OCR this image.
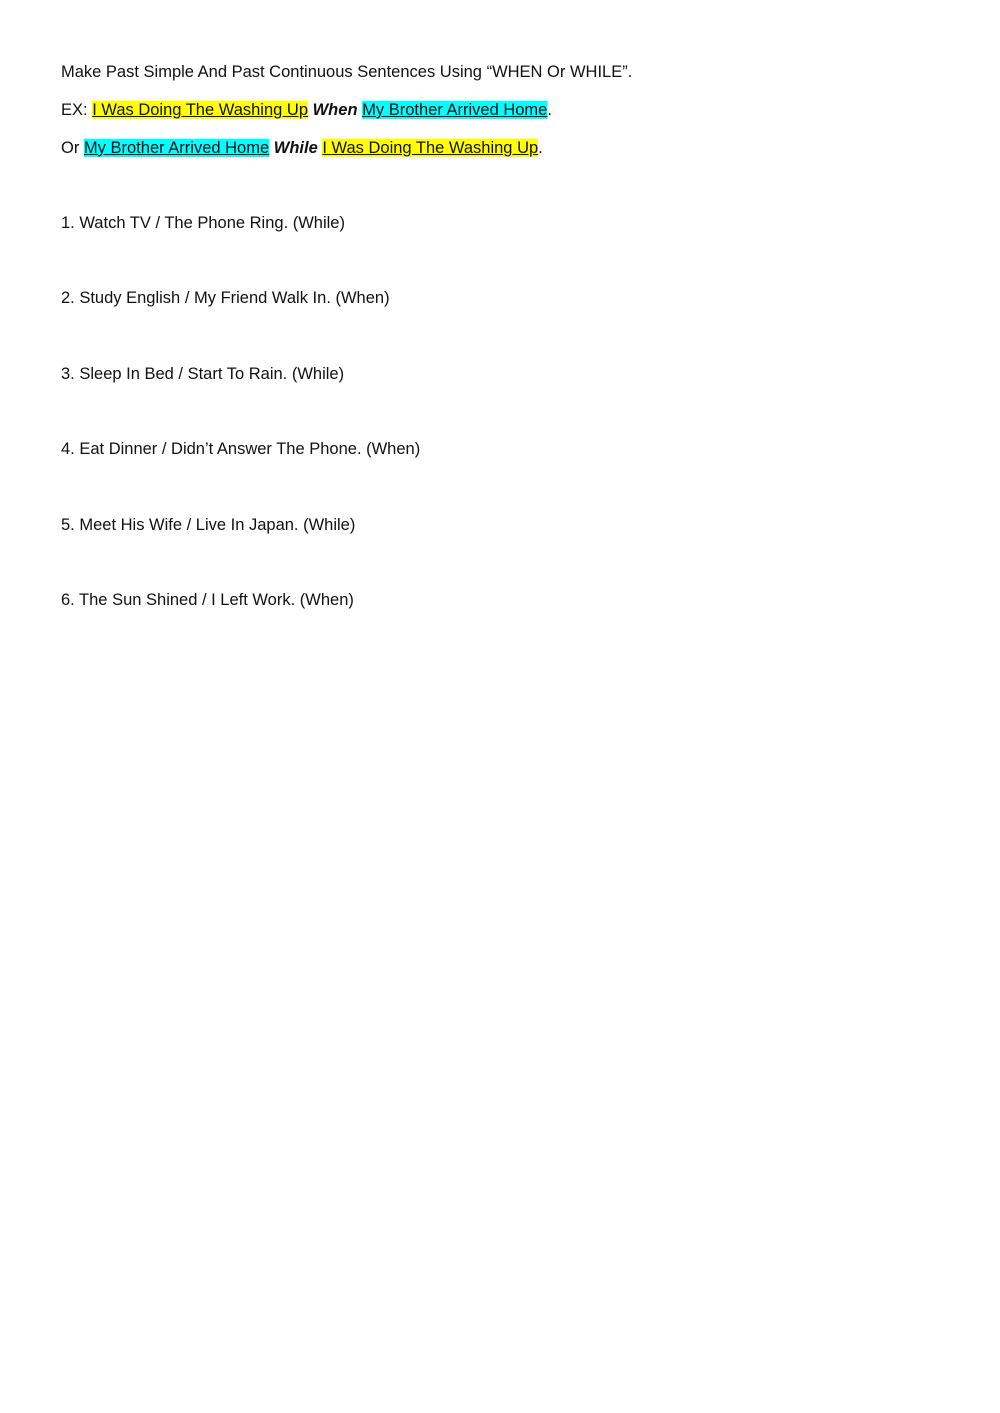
Make Past Simple And Past Continuous Sentences Using “WHEN Or WHILE”.
EX: I Was Doing The Washing Up When My Brother Arrived Home.
Or My Brother Arrived Home While I Was Doing The Washing Up.
1. Watch TV / The Phone Ring. (While)
2. Study English / My Friend Walk In. (When)
3. Sleep In Bed / Start To Rain. (While)
4. Eat Dinner / Didn’t Answer The Phone. (When)
5. Meet His Wife / Live In Japan. (While)
6. The Sun Shined / I Left Work. (When)
